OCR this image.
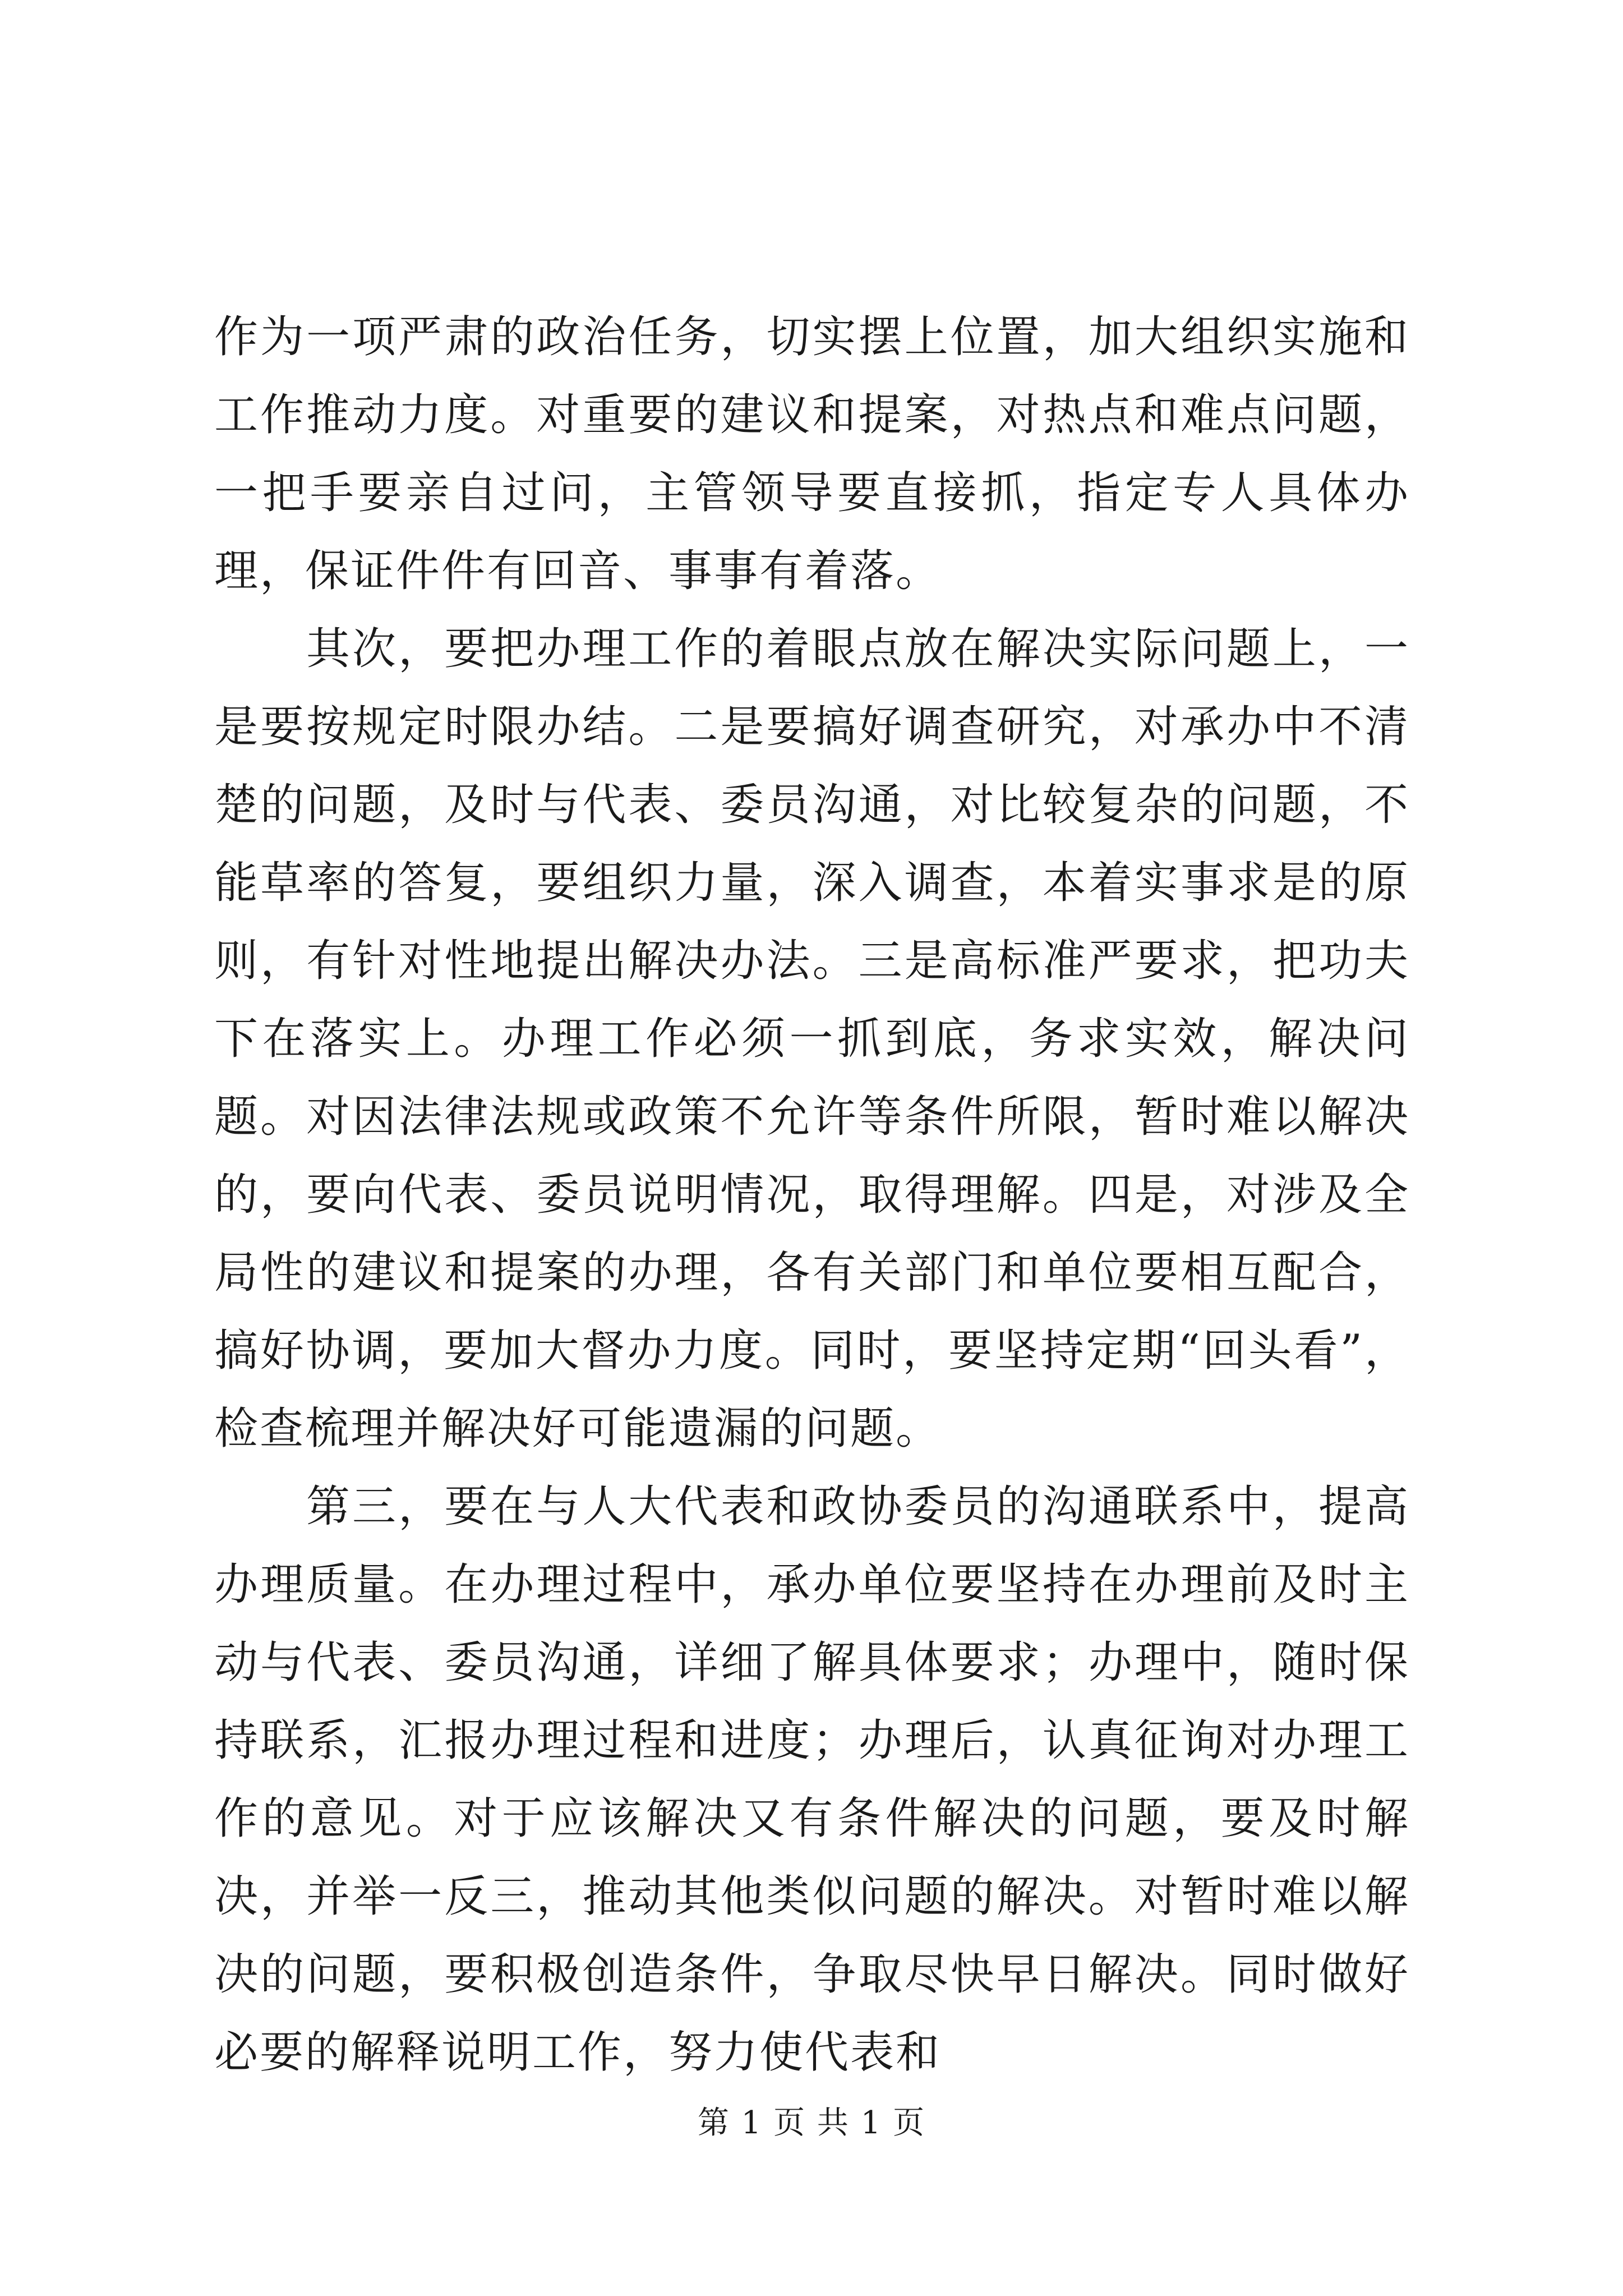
作为一项严肃的政治任务，切实摆上位置，加大组织实施和工作推动力度。对重要的建议和提案，对热点和难点问题，一把手要亲自过问，主管领导要直接抓，指定专人具体办理，保证件件有回音、事事有着落。

其次，要把办理工作的着眼点放在解决实际问题上，一是要按规定时限办结。二是要搞好调查研究，对承办中不清楚的问题，及时与代表、委员沟通，对比较复杂的问题，不能草率的答复，要组织力量，深入调查，本着实事求是的原则，有针对性地提出解决办法。三是高标准严要求，把功夫下在落实上。办理工作必须一抓到底，务求实效，解决问题。对因法律法规或政策不允许等条件所限，暂时难以解决的，要向代表、委员说明情况，取得理解。四是，对涉及全局性的建议和提案的办理，各有关部门和单位要相互配合，搞好协调，要加大督办力度。同时，要坚持定期“回头看”，检查梳理并解决好可能遗漏的问题。

第三，要在与人大代表和政协委员的沟通联系中，提高办理质量。在办理过程中，承办单位要坚持在办理前及时主动与代表、委员沟通，详细了解具体要求；办理中，随时保持联系，汇报办理过程和进度；办理后，认真征询对办理工作的意见。对于应该解决又有条件解决的问题，要及时解决，并举一反三，推动其他类似问题的解决。对暂时难以解决的问题，要积极创造条件，争取尽快早日解决。同时做好必要的解释说明工作，努力使代表和

第 1 页 共 1 页
